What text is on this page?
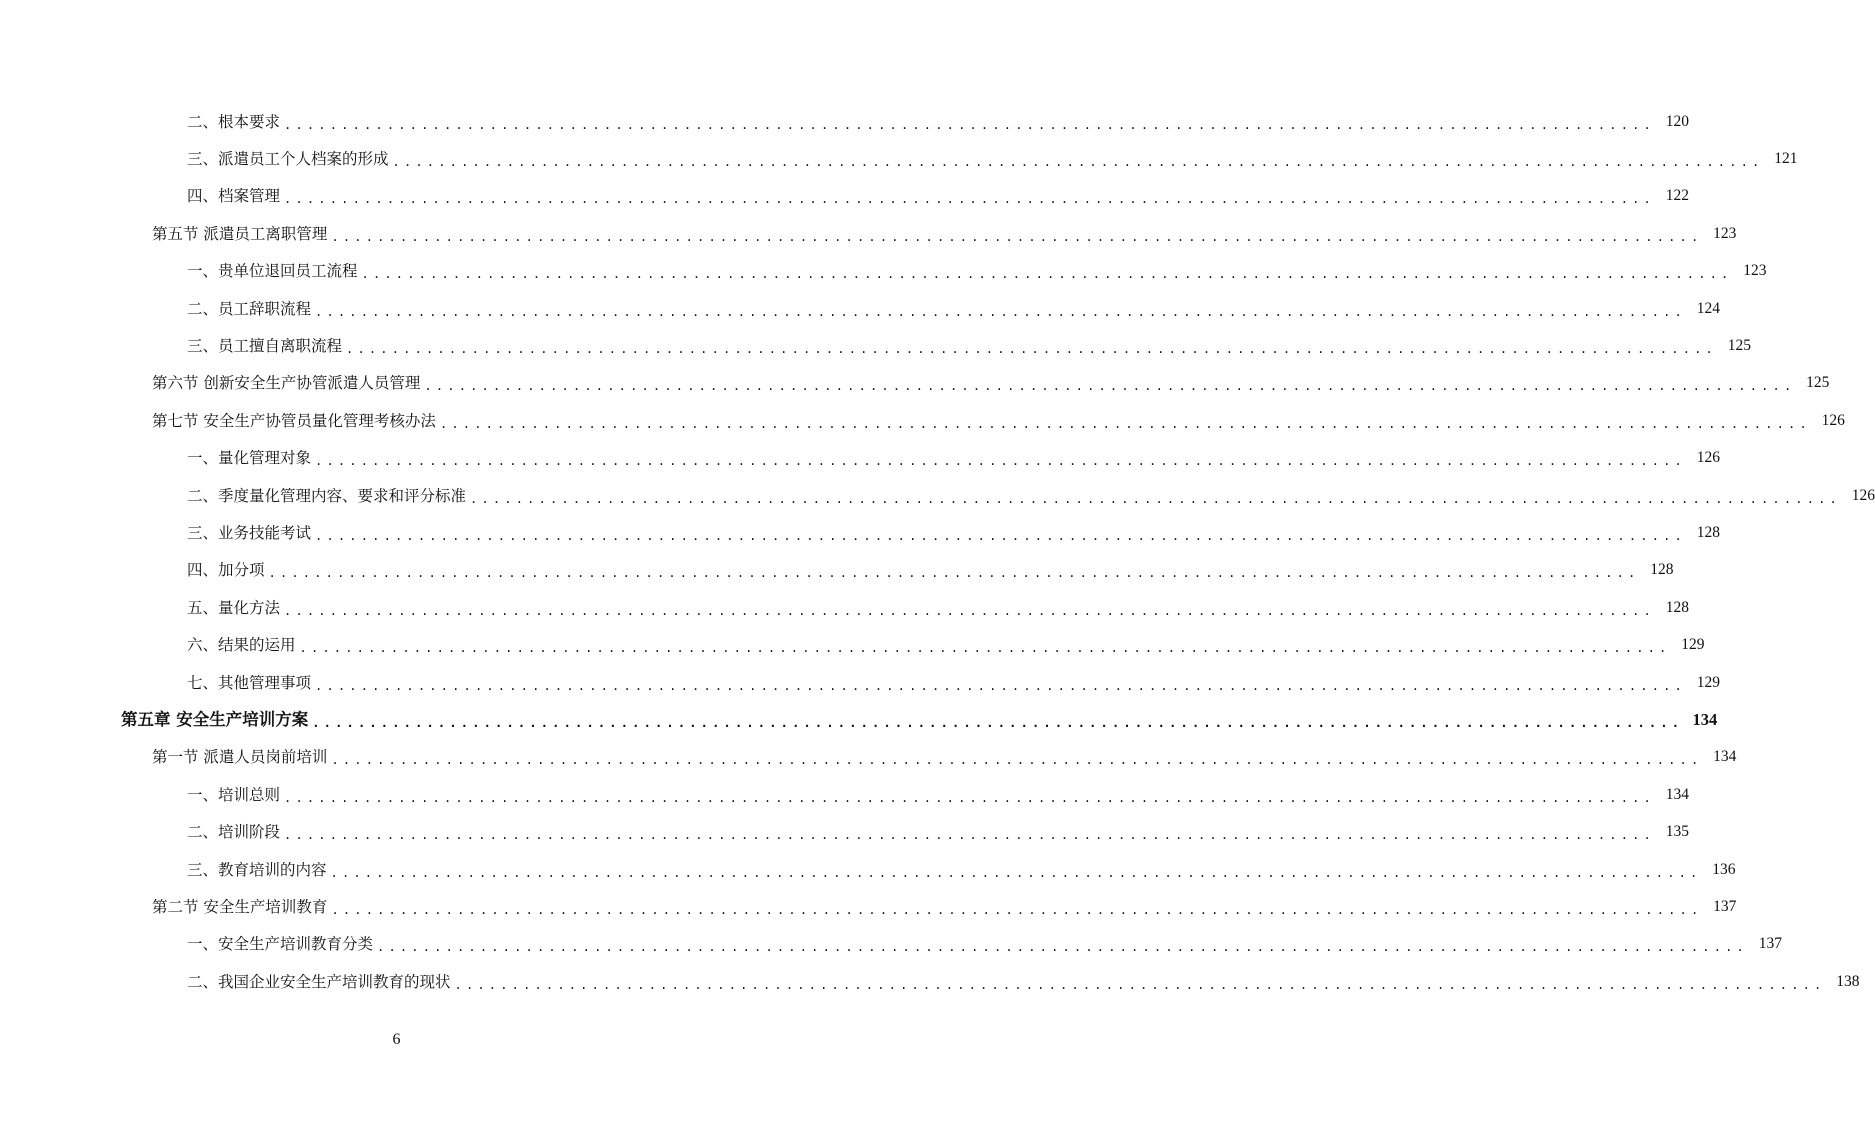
二、根本要求 ........................................................................................................................ 120
三、派遣员工个人档案的形成 ........................................................................................................................ 121
四、档案管理 ........................................................................................................................ 122
第五节 派遣员工离职管理 ........................................................................................................................ 123
一、贵单位退回员工流程 ........................................................................................................................ 123
二、员工辞职流程 ........................................................................................................................ 124
三、员工擅自离职流程 ........................................................................................................................ 125
第六节 创新安全生产协管派遣人员管理 ........................................................................................................................ 125
第七节 安全生产协管员量化管理考核办法 ........................................................................................................................ 126
一、量化管理对象 ........................................................................................................................ 126
二、季度量化管理内容、要求和评分标准 ........................................................................................................................ 126
三、业务技能考试 ........................................................................................................................ 128
四、加分项 ........................................................................................................................ 128
五、量化方法 ........................................................................................................................ 128
六、结果的运用 ........................................................................................................................ 129
七、其他管理事项 ........................................................................................................................ 129
第五章 安全生产培训方案 ........................................................................................................................ 134
第一节 派遣人员岗前培训 ........................................................................................................................ 134
一、培训总则 ........................................................................................................................ 134
二、培训阶段 ........................................................................................................................ 135
三、教育培训的内容 ........................................................................................................................ 136
第二节 安全生产培训教育 ........................................................................................................................ 137
一、安全生产培训教育分类 ........................................................................................................................ 137
二、我国企业安全生产培训教育的现状 ........................................................................................................................ 138
6
